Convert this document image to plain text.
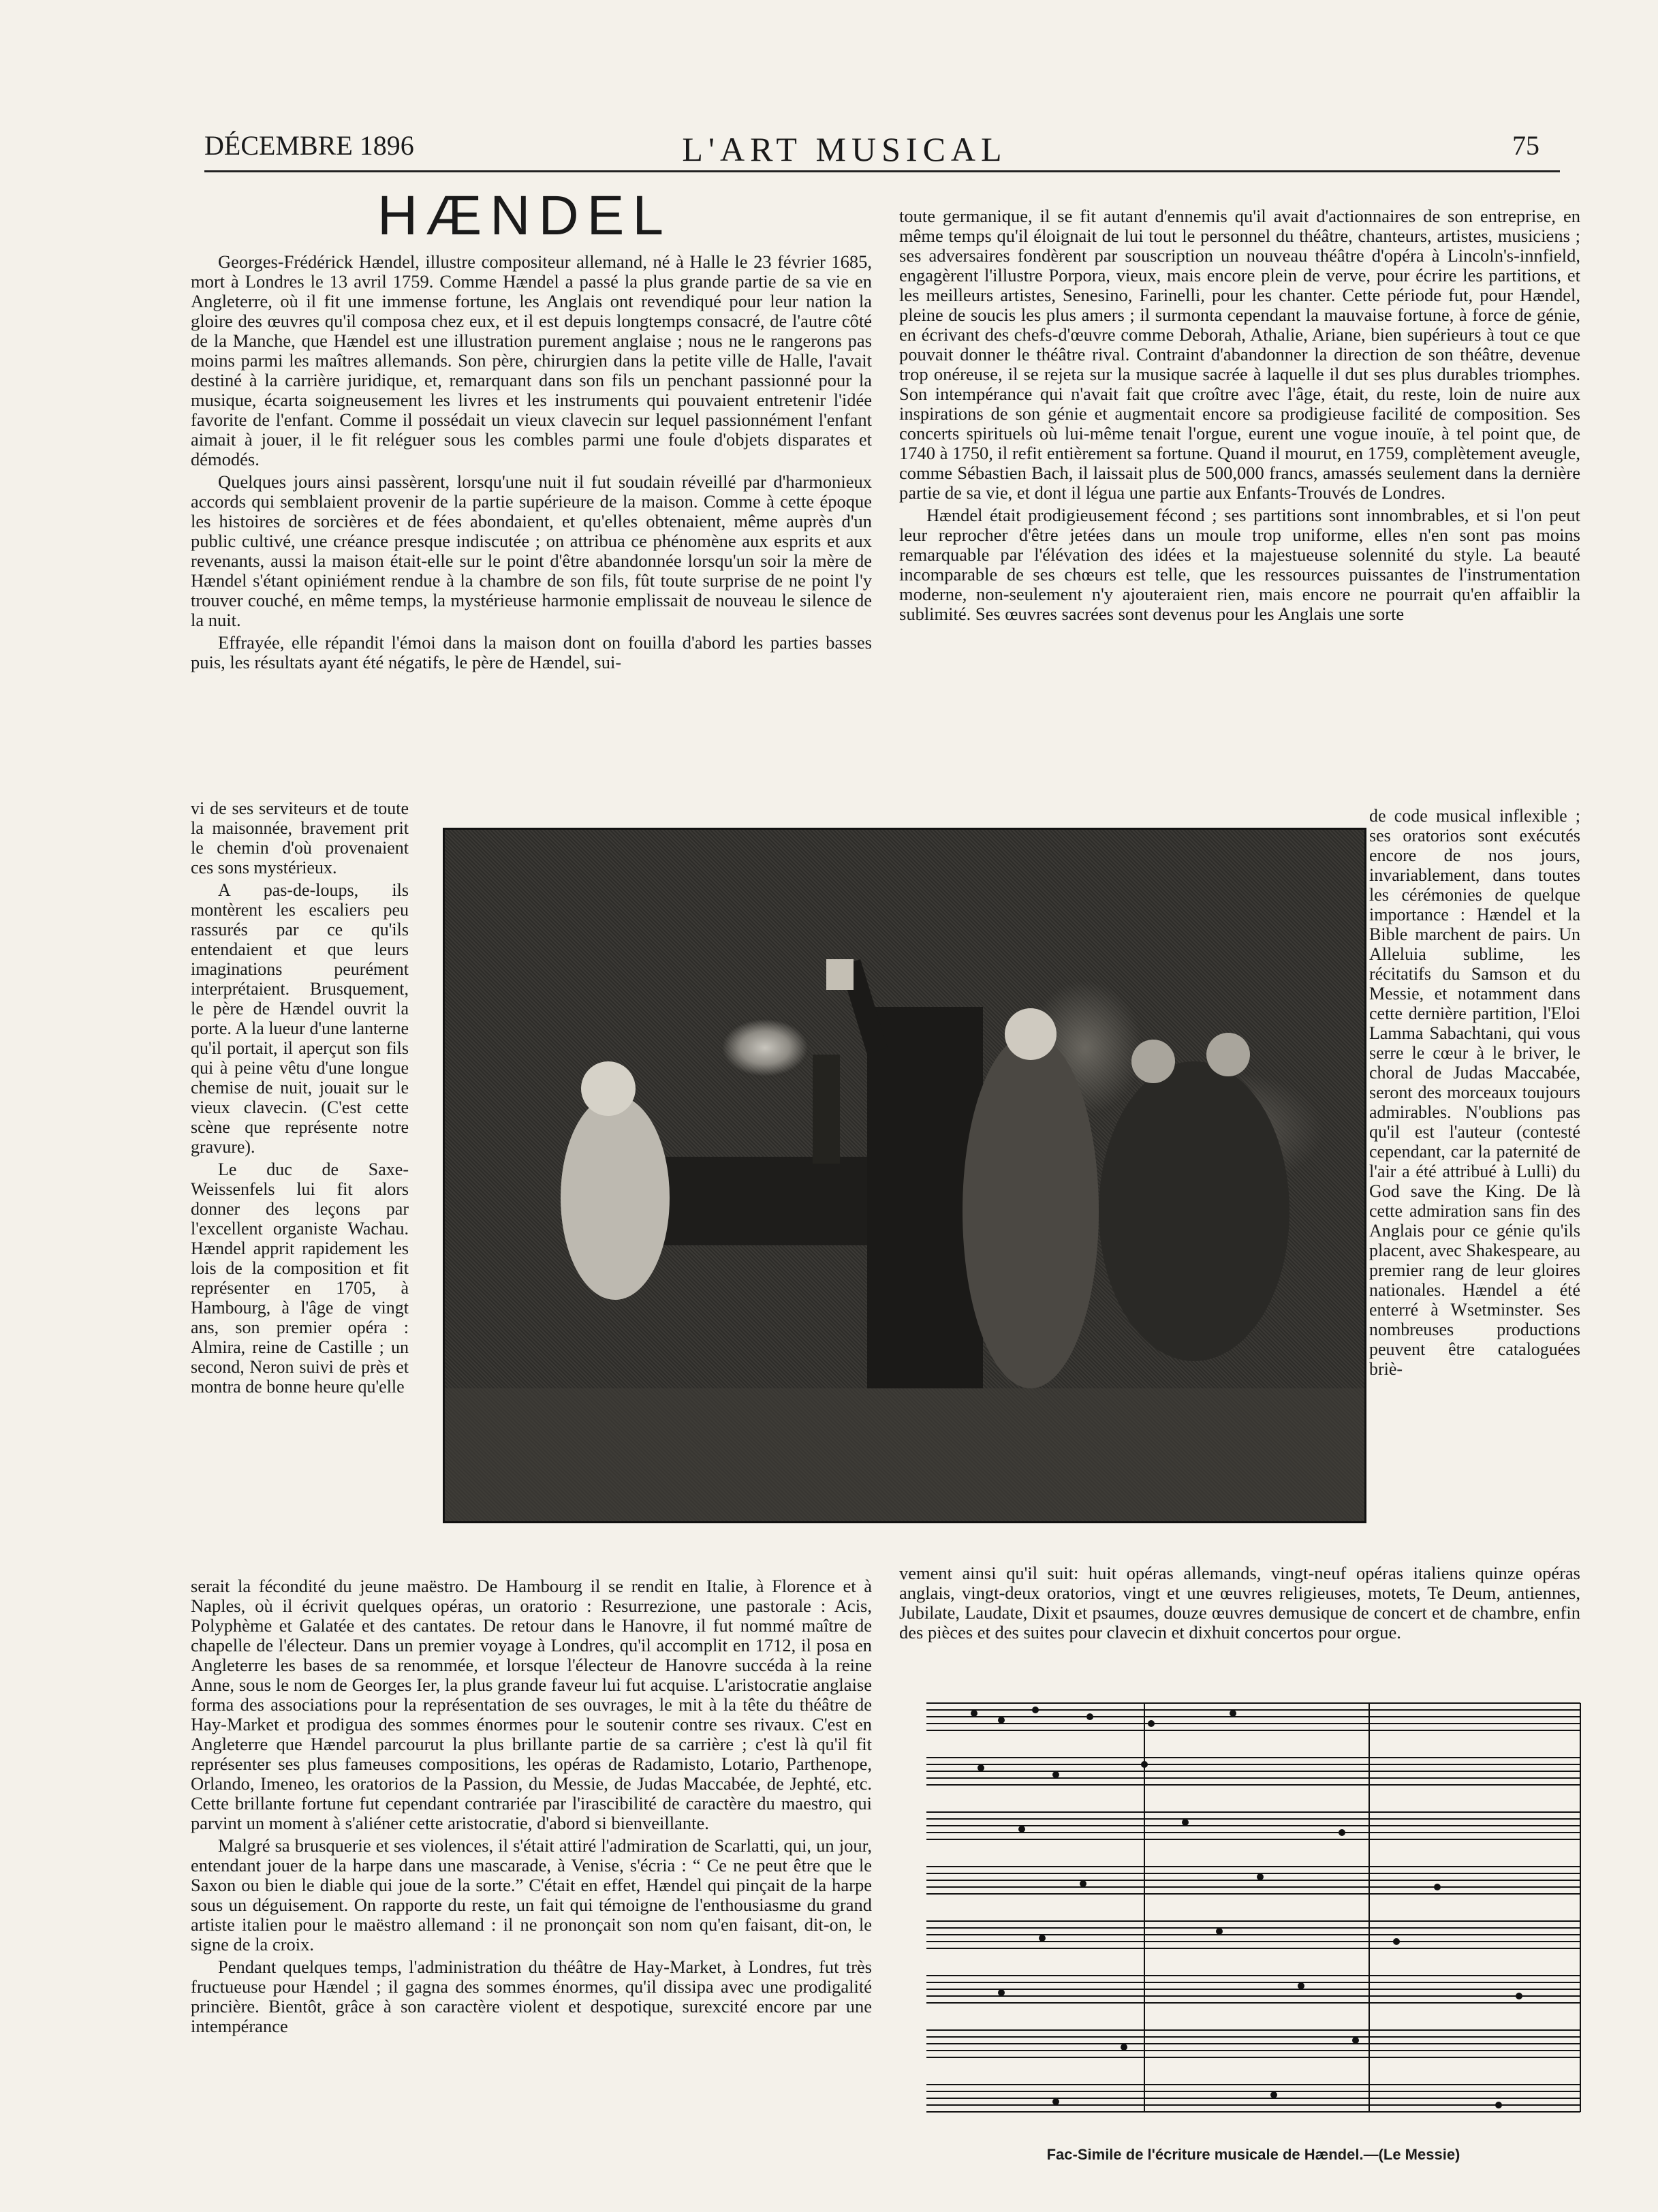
DÉCEMBRE 1896	L'ART MUSICAL	75
HÆNDEL

Georges-Frédérick Hændel, illustre compositeur allemand, né à Halle le 23 février 1685, mort à Londres le 13 avril 1759. Comme Hændel a passé la plus grande partie de sa vie en Angleterre, où il fit une immense fortune, les Anglais ont revendiqué pour leur nation la gloire des œuvres qu'il composa chez eux, et il est depuis longtemps consacré, de l'autre côté de la Manche, que Hændel est une illustration purement anglaise ; nous ne le rangerons pas moins parmi les maîtres allemands. Son père, chirurgien dans la petite ville de Halle, l'avait destiné à la carrière juridique, et, remarquant dans son fils un penchant passionné pour la musique, écarta soigneusement les livres et les instruments qui pouvaient entretenir l'idée favorite de l'enfant. Comme il possédait un vieux clavecin sur lequel passionnément l'enfant aimait à jouer, il le fit reléguer sous les combles parmi une foule d'objets disparates et démodés.

Quelques jours ainsi passèrent, lorsqu'une nuit il fut soudain réveillé par d'harmonieux accords qui semblaient provenir de la partie supérieure de la maison. Comme à cette époque les histoires de sorcières et de fées abondaient, et qu'elles obtenaient, même auprès d'un public cultivé, une créance presque indiscutée ; on attribua ce phénomène aux esprits et aux revenants, aussi la maison était-elle sur le point d'être abandonnée lorsqu'un soir la mère de Hændel s'étant opiniément rendue à la chambre de son fils, fût toute surprise de ne point l'y trouver couché, en même temps, la mystérieuse harmonie emplissait de nouveau le silence de la nuit.

Effrayée, elle répandit l'émoi dans la maison dont on fouilla d'abord les parties basses puis, les résultats ayant été négatifs, le père de Hændel, sui-

vi de ses serviteurs et de toute la maisonnée, bravement prit le chemin d'où provenaient ces sons mystérieux.

A pas-de-loups, ils montèrent les escaliers peu rassurés par ce qu'ils entendaient et que leurs imaginations peurément interprétaient. Brusquement, le père de Hændel ouvrit la porte. A la lueur d'une lanterne qu'il portait, il aperçut son fils qui à peine vêtu d'une longue chemise de nuit, jouait sur le vieux clavecin. (C'est cette scène que représente notre gravure).

Le duc de Saxe-Weissenfels lui fit alors donner des leçons par l'excellent organiste Wachau. Hændel apprit rapidement les lois de la composition et fit représenter en 1705, à Hambourg, à l'âge de vingt ans, son premier opéra : Almira, reine de Castille ; un second, Neron suivi de près et montra de bonne heure qu'elle

serait la fécondité du jeune maëstro. De Hambourg il se rendit en Italie, à Florence et à Naples, où il écrivit quelques opéras, un oratorio : Resurrezione, une pastorale : Acis, Polyphème et Galatée et des cantates. De retour dans le Hanovre, il fut nommé maître de chapelle de l'électeur. Dans un premier voyage à Londres, qu'il accomplit en 1712, il posa en Angleterre les bases de sa renommée, et lorsque l'électeur de Hanovre succéda à la reine Anne, sous le nom de Georges Ier, la plus grande faveur lui fut acquise. L'aristocratie anglaise forma des associations pour la représentation de ses ouvrages, le mit à la tête du théâtre de Hay-Market et prodigua des sommes énormes pour le soutenir contre ses rivaux. C'est en Angleterre que Hændel parcourut la plus brillante partie de sa carrière ; c'est là qu'il fit représenter ses plus fameuses compositions, les opéras de Radamisto, Lotario, Parthenope, Orlando, Imeneo, les oratorios de la Passion, du Messie, de Judas Maccabée, de Jephté, etc. Cette brillante fortune fut cependant contrariée par l'irascibilité de caractère du maestro, qui parvint un moment à s'aliéner cette aristocratie, d'abord si bienveillante.

Malgré sa brusquerie et ses violences, il s'était attiré l'admiration de Scarlatti, qui, un jour, entendant jouer de la harpe dans une mascarade, à Venise, s'écria : “ Ce ne peut être que le Saxon ou bien le diable qui joue de la sorte.” C'était en effet, Hændel qui pinçait de la harpe sous un déguisement. On rapporte du reste, un fait qui témoigne de l'enthousiasme du grand artiste italien pour le maëstro allemand : il ne prononçait son nom qu'en faisant, dit-on, le signe de la croix.

Pendant quelques temps, l'administration du théâtre de Hay-Market, à Londres, fut très fructueuse pour Hændel ; il gagna des sommes énormes, qu'il dissipa avec une prodigalité princière. Bientôt, grâce à son caractère violent et despotique, surexcité encore par une intempérance

toute germanique, il se fit autant d'ennemis qu'il avait d'actionnaires de son entreprise, en même temps qu'il éloignait de lui tout le personnel du théâtre, chanteurs, artistes, musiciens ; ses adversaires fondèrent par souscription un nouveau théâtre d'opéra à Lincoln's-innfield, engagèrent l'illustre Porpora, vieux, mais encore plein de verve, pour écrire les partitions, et les meilleurs artistes, Senesino, Farinelli, pour les chanter. Cette période fut, pour Hændel, pleine de soucis les plus amers ; il surmonta cependant la mauvaise fortune, à force de génie, en écrivant des chefs-d'œuvre comme Deborah, Athalie, Ariane, bien supérieurs à tout ce que pouvait donner le théâtre rival. Contraint d'abandonner la direction de son théâtre, devenue trop onéreuse, il se rejeta sur la musique sacrée à laquelle il dut ses plus durables triomphes. Son intempérance qui n'avait fait que croître avec l'âge, était, du reste, loin de nuire aux inspirations de son génie et augmentait encore sa prodigieuse facilité de composition. Ses concerts spirituels où lui-même tenait l'orgue, eurent une vogue inouïe, à tel point que, de 1740 à 1750, il refit entièrement sa fortune. Quand il mourut, en 1759, complètement aveugle, comme Sébastien Bach, il laissait plus de 500,000 francs, amassés seulement dans la dernière partie de sa vie, et dont il légua une partie aux Enfants-Trouvés de Londres.

Hændel était prodigieusement fécond ; ses partitions sont innombrables, et si l'on peut leur reprocher d'être jetées dans un moule trop uniforme, elles n'en sont pas moins remarquable par l'élévation des idées et la majestueuse solennité du style. La beauté incomparable de ses chœurs est telle, que les ressources puissantes de l'instrumentation moderne, non-seulement n'y ajouteraient rien, mais encore ne pourrait qu'en affaiblir la sublimité. Ses œuvres sacrées sont devenus pour les Anglais une sorte

de code musical inflexible ; ses oratorios sont exécutés encore de nos jours, invariablement, dans toutes les cérémonies de quelque importance : Hændel et la Bible marchent de pairs. Un Alleluia sublime, les récitatifs du Samson et du Messie, et notamment dans cette dernière partition, l'Eloi Lamma Sabachtani, qui vous serre le cœur à le briver, le choral de Judas Maccabée, seront des morceaux toujours admirables. N'oublions pas qu'il est l'auteur (contesté cependant, car la paternité de l'air a été attribué à Lulli) du God save the King. De là cette admiration sans fin des Anglais pour ce génie qu'ils placent, avec Shakespeare, au premier rang de leur gloires nationales. Hændel a été enterré à Wsetminster. Ses nombreuses productions peuvent être cataloguées briè-

vement ainsi qu'il suit: huit opéras allemands, vingt-neuf opéras italiens quinze opéras anglais, vingt-deux oratorios, vingt et une œuvres religieuses, motets, Te Deum, antiennes, Jubilate, Laudate, Dixit et psaumes, douze œuvres demusique de concert et de chambre, enfin des pièces et des suites pour clavecin et dixhuit concertos pour orgue.

Fac-Simile de l'écriture musicale de Hændel.—(Le Messie)
